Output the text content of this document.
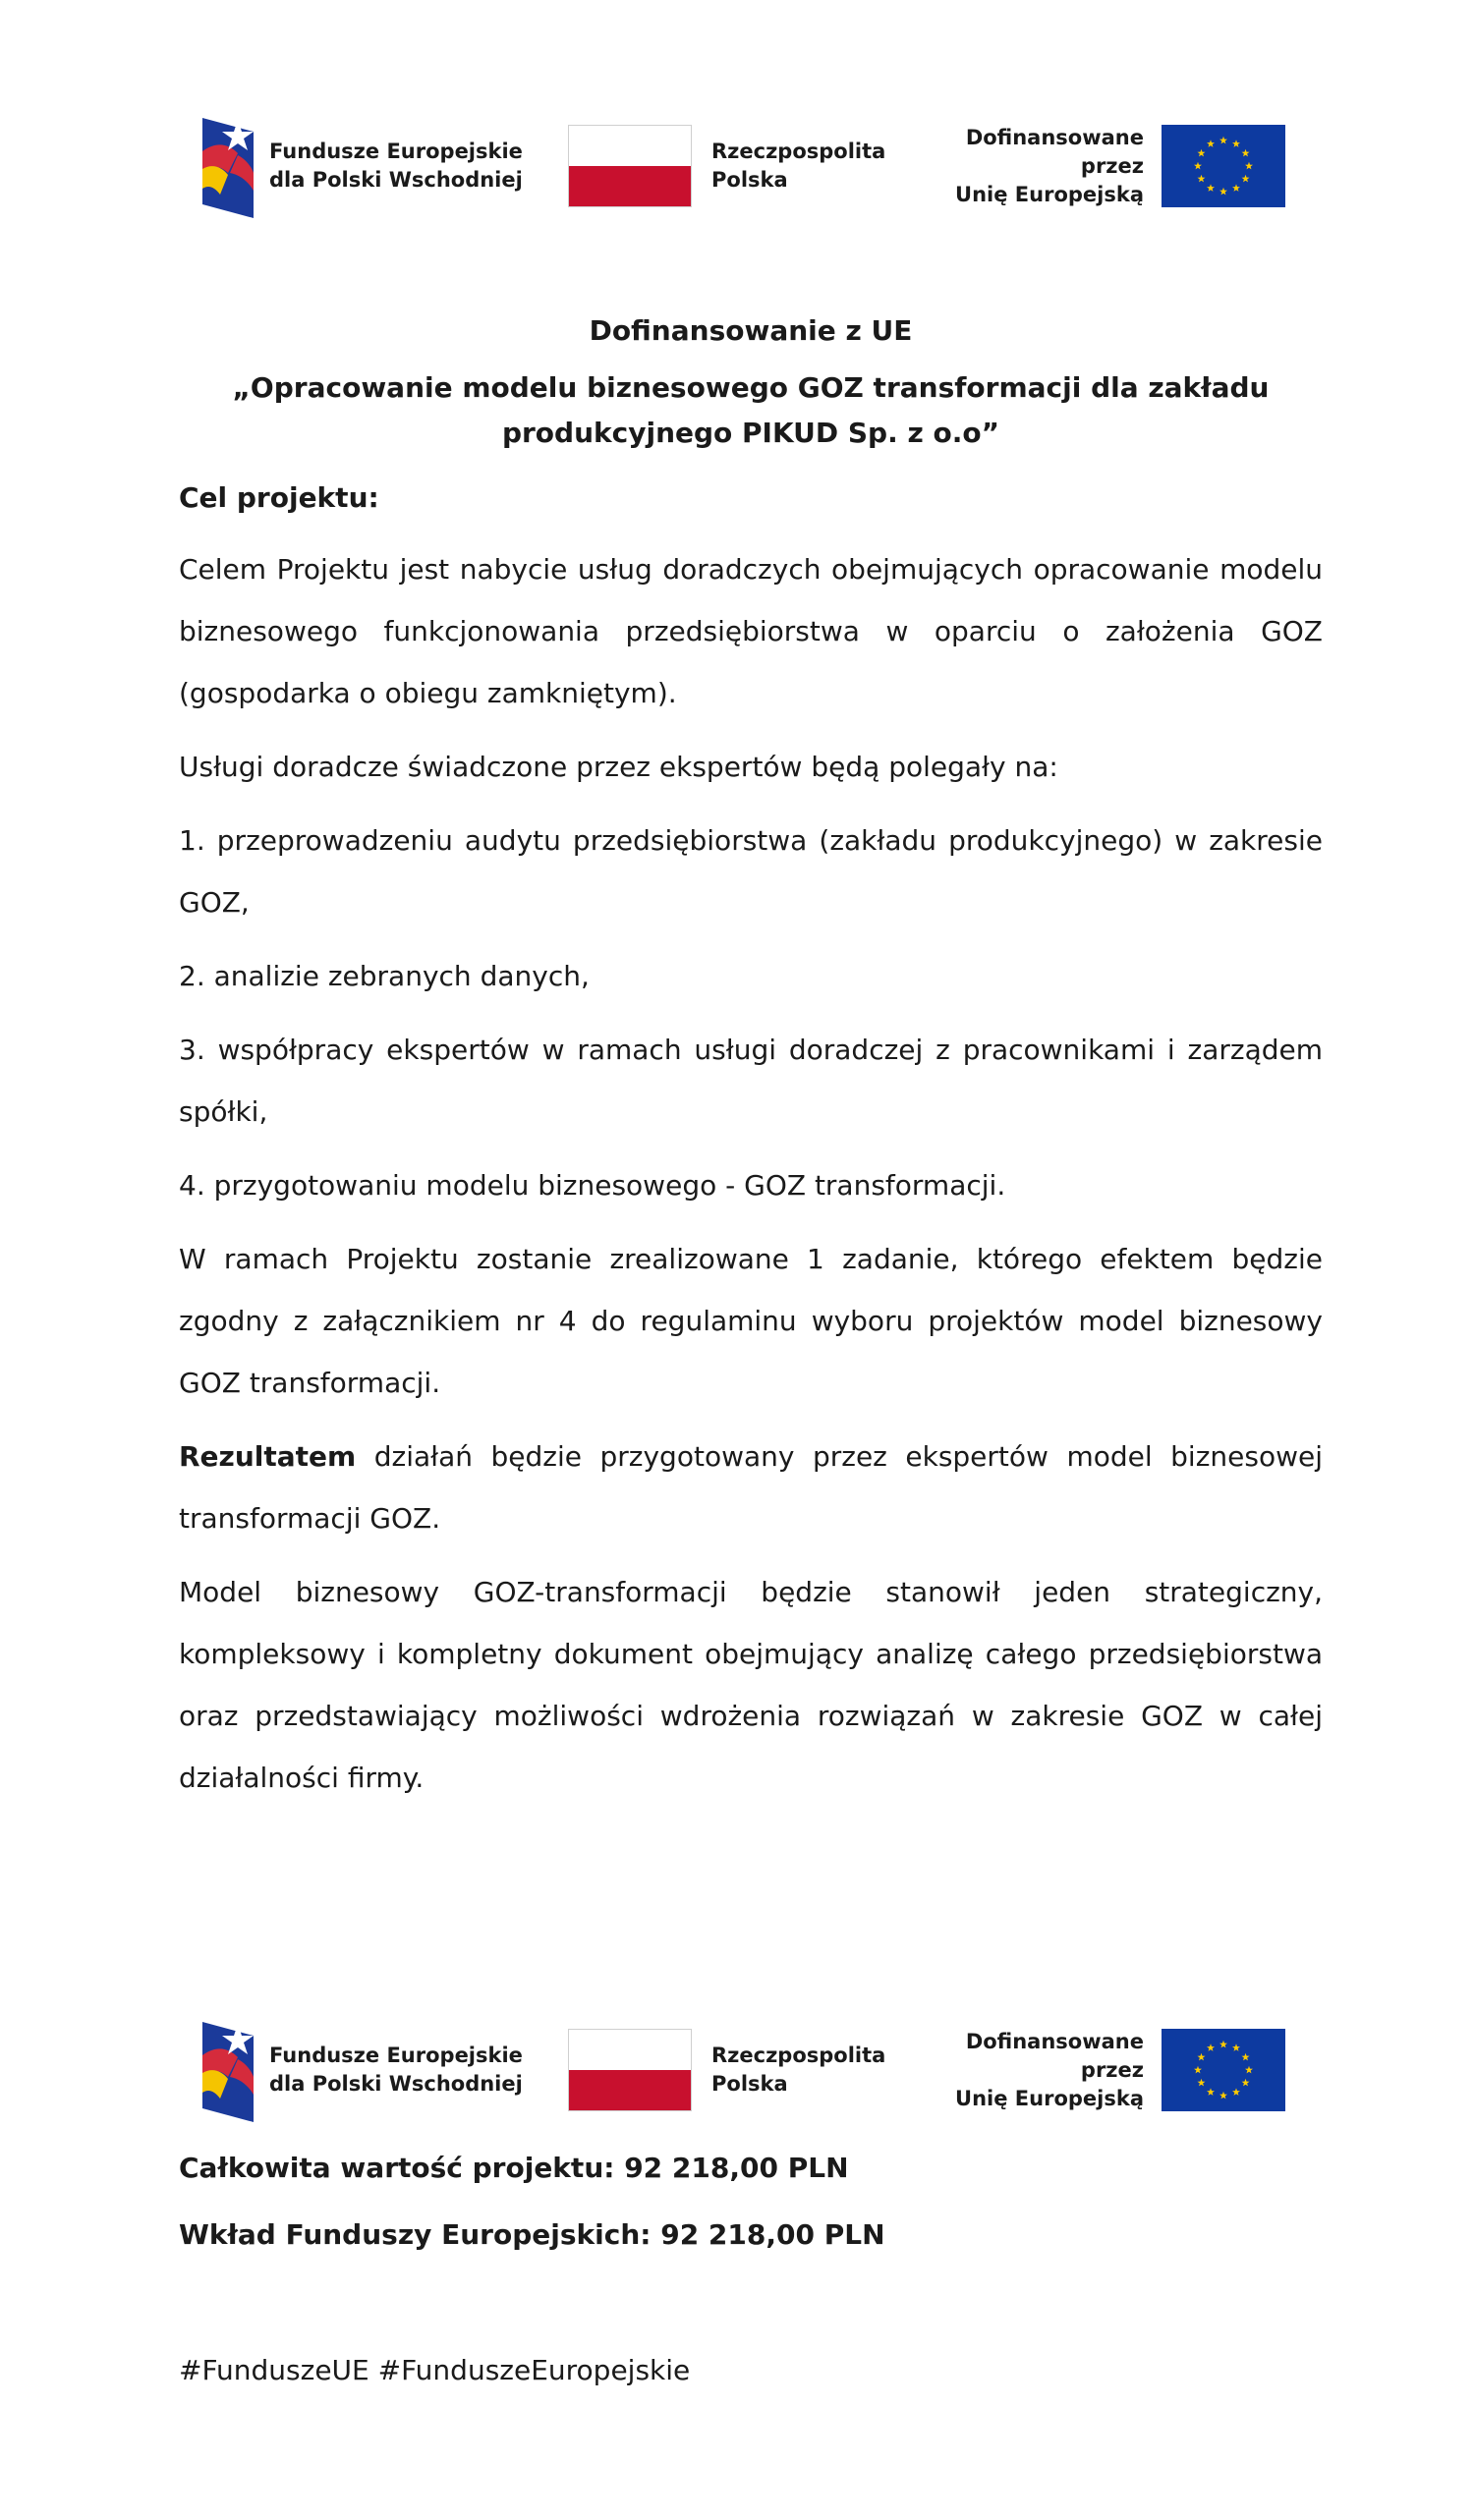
Fundusze Europejskie
dla Polski Wschodniej
Rzeczpospolita
Polska
Dofinansowane przez
Unię Europejską

Dofinansowanie z UE

„Opracowanie modelu biznesowego GOZ transformacji dla zakładu
produkcyjnego PIKUD Sp. z o.o”

Cel projektu:

Celem Projektu jest nabycie usług doradczych obejmujących opracowanie modelu biznesowego funkcjonowania przedsiębiorstwa w oparciu o założenia GOZ (gospodarka o obiegu zamkniętym).

Usługi doradcze świadczone przez ekspertów będą polegały na:

1. przeprowadzeniu audytu przedsiębiorstwa (zakładu produkcyjnego) w zakresie GOZ,

2. analizie zebranych danych,

3. współpracy ekspertów w ramach usługi doradczej z pracownikami i zarządem spółki,

4. przygotowaniu modelu biznesowego - GOZ transformacji.

W ramach Projektu zostanie zrealizowane 1 zadanie, którego efektem będzie zgodny z załącznikiem nr 4 do regulaminu wyboru projektów model biznesowy GOZ transformacji.

Rezultatem działań będzie przygotowany przez ekspertów model biznesowej transformacji GOZ.

Model biznesowy GOZ-transformacji będzie stanowił jeden strategiczny, kompleksowy i kompletny dokument obejmujący analizę całego przedsiębiorstwa oraz przedstawiający możliwości wdrożenia rozwiązań w zakresie GOZ w całej działalności firmy.

Fundusze Europejskie
dla Polski Wschodniej
Rzeczpospolita
Polska
Dofinansowane przez
Unię Europejską

Całkowita wartość projektu: 92 218,00 PLN

Wkład Funduszy Europejskich: 92 218,00 PLN

#FunduszeUE #FunduszeEuropejskie
